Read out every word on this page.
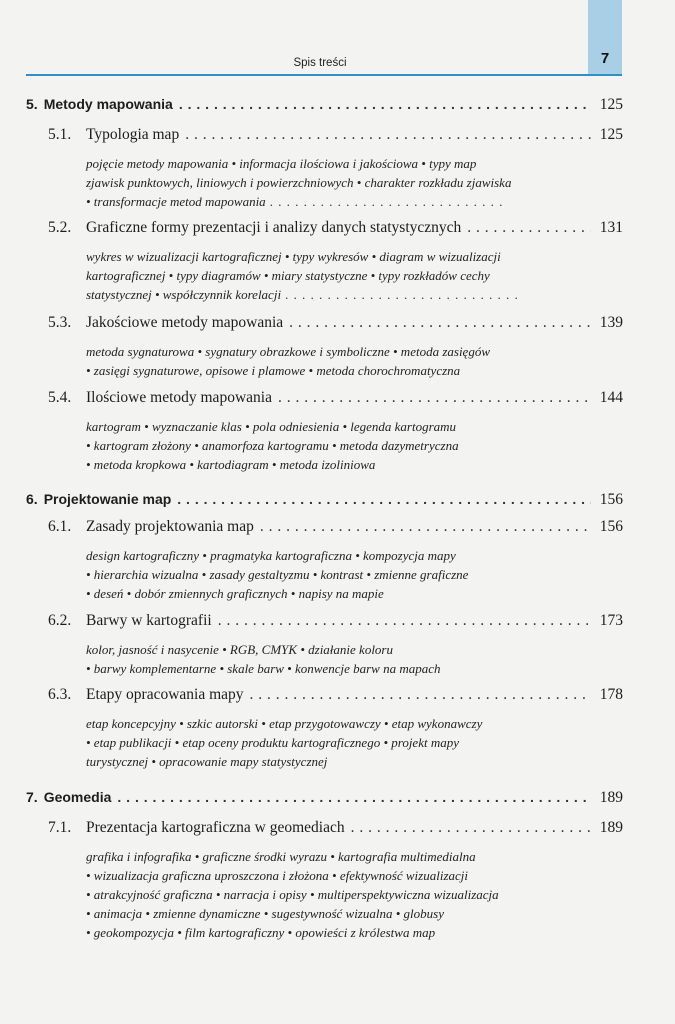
7
Spis treści
5. Metody mapowania . . .	125
5.1. Typologia map . . .	125
pojęcie metody mapowania • informacja ilościowa i jakościowa • typy map
zjawisk punktowych, liniowych i powierzchniowych • charakter rozkładu zjawiska
• transformacje metod mapowania . . . . . . . . . . . . . . . . . . . . . . . . . . . .
5.2. Graficzne formy prezentacji i analizy danych statystycznych . . .	131
wykres w wizualizacji kartograficznej • typy wykresów • diagram w wizualizacji
kartograficznej • typy diagramów • miary statystyczne • typy rozkładów cechy
statystycznej • współczynnik korelacji . . . . . . . . . . . . . . . . . . . . . . . . . . . .
5.3. Jakościowe metody mapowania . . .	139
metoda sygnaturowa • sygnatury obrazkowe i symboliczne • metoda zasięgów
• zasięgi sygnaturowe, opisowe i plamowe • metoda chorochromatyczna
5.4. Ilościowe metody mapowania . . .	144
kartogram • wyznaczanie klas • pola odniesienia • legenda kartogramu
• kartogram złożony • anamorfoza kartogramu • metoda dazymetryczna
• metoda kropkowa • kartodiagram • metoda izoliniowa
6. Projektowanie map . . .	156
6.1. Zasady projektowania map . . .	156
design kartograficzny • pragmatyka kartograficzna • kompozycja mapy
• hierarchia wizualna • zasady gestaltyzmu • kontrast • zmienne graficzne
• deseń • dobór zmiennych graficznych • napisy na mapie
6.2. Barwy w kartografii . . .	173
kolor, jasność i nasycenie • RGB, CMYK • działanie koloru
• barwy komplementarne • skale barw • konwencje barw na mapach
6.3. Etapy opracowania mapy . . .	178
etap koncepcyjny • szkic autorski • etap przygotowawczy • etap wykonawczy
• etap publikacji • etap oceny produktu kartograficznego • projekt mapy
turystycznej • opracowanie mapy statystycznej
7. Geomedia . . .	189
7.1. Prezentacja kartograficzna w geomediach . . .	189
grafika i infografika • graficzne środki wyrazu • kartografia multimedialna
• wizualizacja graficzna uproszczona i złożona • efektywność wizualizacji
• atrakcyjność graficzna • narracja i opisy • multiperspektywiczna wizualizacja
• animacja • zmienne dynamiczne • sugestywność wizualna • globusy
• geokompozycja • film kartograficzny • opowieści z królestwa map
